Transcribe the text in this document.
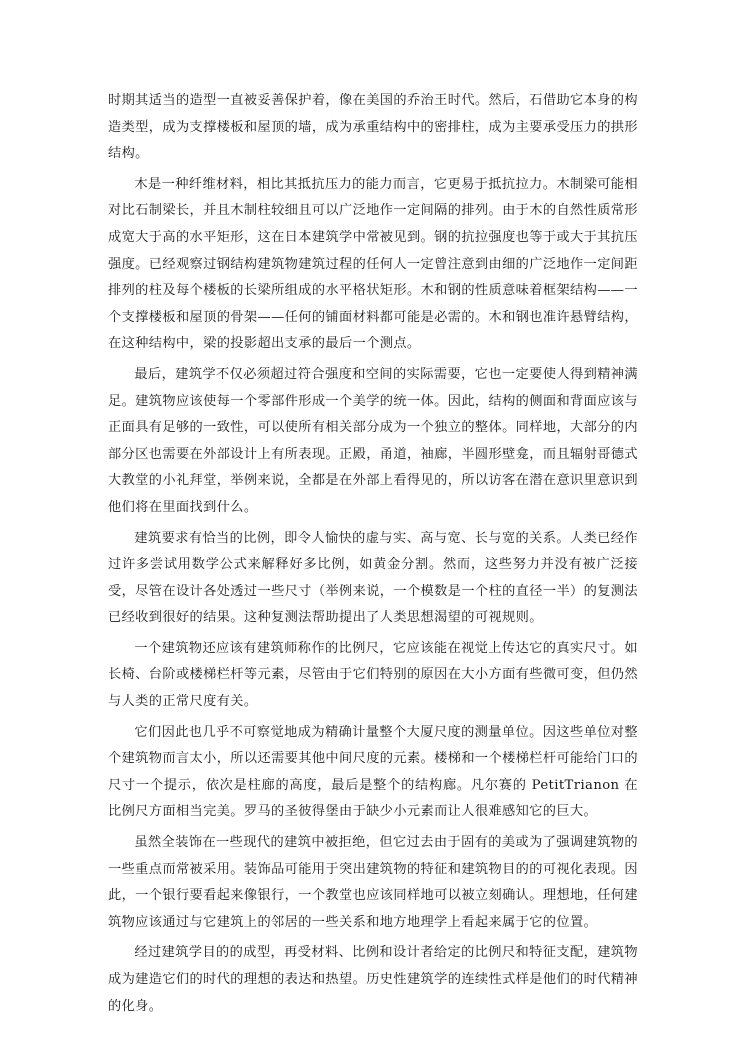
时期其适当的造型一直被妥善保护着，像在美国的乔治王时代。然后，石借助它本身的构造类型，成为支撑楼板和屋顶的墙，成为承重结构中的密排柱，成为主要承受压力的拱形结构。

木是一种纤维材料，相比其抵抗压力的能力而言，它更易于抵抗拉力。木制梁可能相对比石制梁长，并且木制柱较细且可以广泛地作一定间隔的排列。由于木的自然性质常形成宽大于高的水平矩形，这在日本建筑学中常被见到。钢的抗拉强度也等于或大于其抗压强度。已经观察过钢结构建筑物建筑过程的任何人一定曾注意到由细的广泛地作一定间距排列的柱及每个楼板的长梁所组成的水平格状矩形。木和钢的性质意味着框架结构——一个支撑楼板和屋顶的骨架——任何的铺面材料都可能是必需的。木和钢也准许悬臂结构，在这种结构中，梁的投影超出支承的最后一个测点。

最后，建筑学不仅必须超过符合强度和空间的实际需要，它也一定要使人得到精神满足。建筑物应该使每一个零部件形成一个美学的统一体。因此，结构的侧面和背面应该与正面具有足够的一致性，可以使所有相关部分成为一个独立的整体。同样地，大部分的内部分区也需要在外部设计上有所表现。正殿，甬道，袖廊，半圆形壁龛，而且辐射哥德式大教堂的小礼拜堂，举例来说，全都是在外部上看得见的，所以访客在潜在意识里意识到他们将在里面找到什么。

建筑要求有恰当的比例，即令人愉快的虚与实、高与宽、长与宽的关系。人类已经作过许多尝试用数学公式来解释好多比例，如黄金分割。然而，这些努力并没有被广泛接受，尽管在设计各处透过一些尺寸（举例来说，一个模数是一个柱的直径一半）的复测法已经收到很好的结果。这种复测法帮助提出了人类思想渴望的可视规则。

一个建筑物还应该有建筑师称作的比例尺，它应该能在视觉上传达它的真实尺寸。如长椅、台阶或楼梯栏杆等元素，尽管由于它们特别的原因在大小方面有些微可变，但仍然与人类的正常尺度有关。

它们因此也几乎不可察觉地成为精确计量整个大厦尺度的测量单位。因这些单位对整个建筑物而言太小，所以还需要其他中间尺度的元素。楼梯和一个楼梯栏杆可能给门口的尺寸一个提示，依次是柱廊的高度，最后是整个的结构廊。凡尔赛的 PetitTrianon 在比例尺方面相当完美。罗马的圣彼得堡由于缺少小元素而让人很难感知它的巨大。

虽然全装饰在一些现代的建筑中被拒绝，但它过去由于固有的美或为了强调建筑物的一些重点而常被采用。装饰品可能用于突出建筑物的特征和建筑物目的的可视化表现。因此，一个银行要看起来像银行，一个教堂也应该同样地可以被立刻确认。理想地，任何建筑物应该通过与它建筑上的邻居的一些关系和地方地理学上看起来属于它的位置。

经过建筑学目的的成型，再受材料、比例和设计者给定的比例尺和特征支配，建筑物成为建造它们的时代的理想的表达和热望。历史性建筑学的连续性式样是他们的时代精神的化身。
